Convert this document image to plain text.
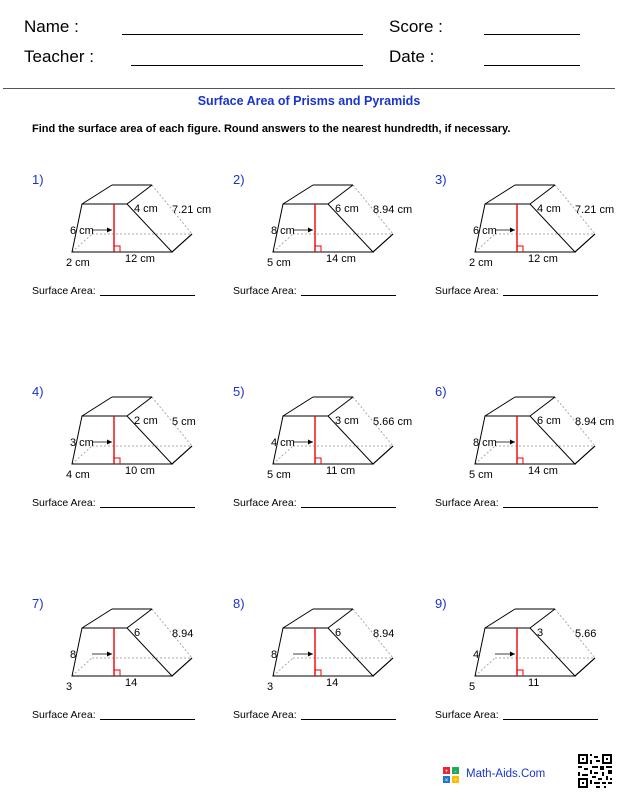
Name :
Teacher :
Score :
Date :
Surface Area of Prisms and Pyramids
Find the surface area of each figure. Round answers to the nearest hundredth, if necessary.
1)
6 cm
4 cm 7.21 cm
2 cm	12 cm
Surface Area:
2)
8 cm
6 cm 8.94 cm
5 cm	14 cm
Surface Area:
3)
6 cm
4 cm 7.21 cm
2 cm	12 cm
Surface Area:
4)
3 cm
2 cm 5 cm
4 cm	10 cm
Surface Area:
5)
4 cm
3 cm 5.66 cm
5 cm	11 cm
Surface Area:
6)
8 cm
6 cm 8.94 cm
5 cm	14 cm
Surface Area:
7)
8
6	8.94
3	14
Surface Area:
8)
8
6	8.94
3	14
Surface Area:
9)
4
3	5.66
5	11
Surface Area:
+ -
× ÷
Math-Aids.Com
